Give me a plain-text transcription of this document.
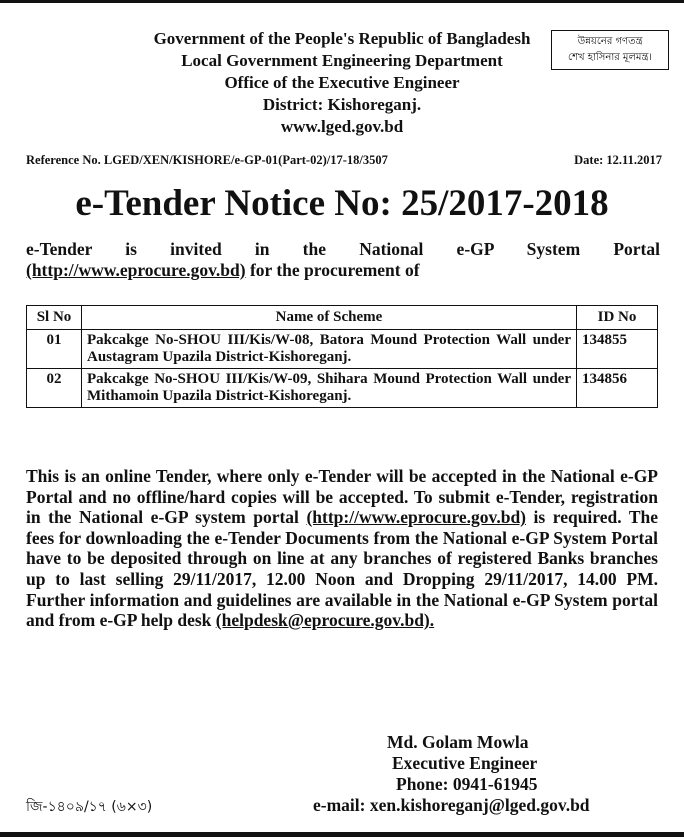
Government of the People's Republic of Bangladesh
Local Government Engineering Department
Office of the Executive Engineer
District: Kishoreganj.
www.lged.gov.bd
উন্নয়নের গণতন্ত্র
শেখ হাসিনার মূলমন্ত্র।
Reference No. LGED/XEN/KISHORE/e-GP-01(Part-02)/17-18/3507	Date: 12.11.2017
e-Tender Notice No: 25/2017-2018
e-Tender is invited in the National e-GP System Portal
(http://www.eprocure.gov.bd) for the procurement of
Sl No	Name of Scheme	ID No
01	Pakcakge No-SHOU III/Kis/W-08, Batora Mound Protection Wall under Austagram Upazila District-Kishoreganj.	134855
02	Pakcakge No-SHOU III/Kis/W-09, Shihara Mound Protection Wall under Mithamoin Upazila District-Kishoreganj.	134856
This is an online Tender, where only e-Tender will be accepted in the National e-GP Portal and no offline/hard copies will be accepted. To submit e-Tender, registration in the National e-GP system portal (http://www.eprocure.gov.bd) is required. The fees for downloading the e-Tender Documents from the National e-GP System Portal have to be deposited through on line at any branches of registered Banks branches up to last selling 29/11/2017, 12.00 Noon and Dropping 29/11/2017, 14.00 PM. Further information and guidelines are available in the National e-GP System portal and from e-GP help desk (helpdesk@eprocure.gov.bd).
Md. Golam Mowla
Executive Engineer
Phone: 0941-61945
e-mail: xen.kishoreganj@lged.gov.bd
জি-১৪০৯/১৭ (৬×৩)
